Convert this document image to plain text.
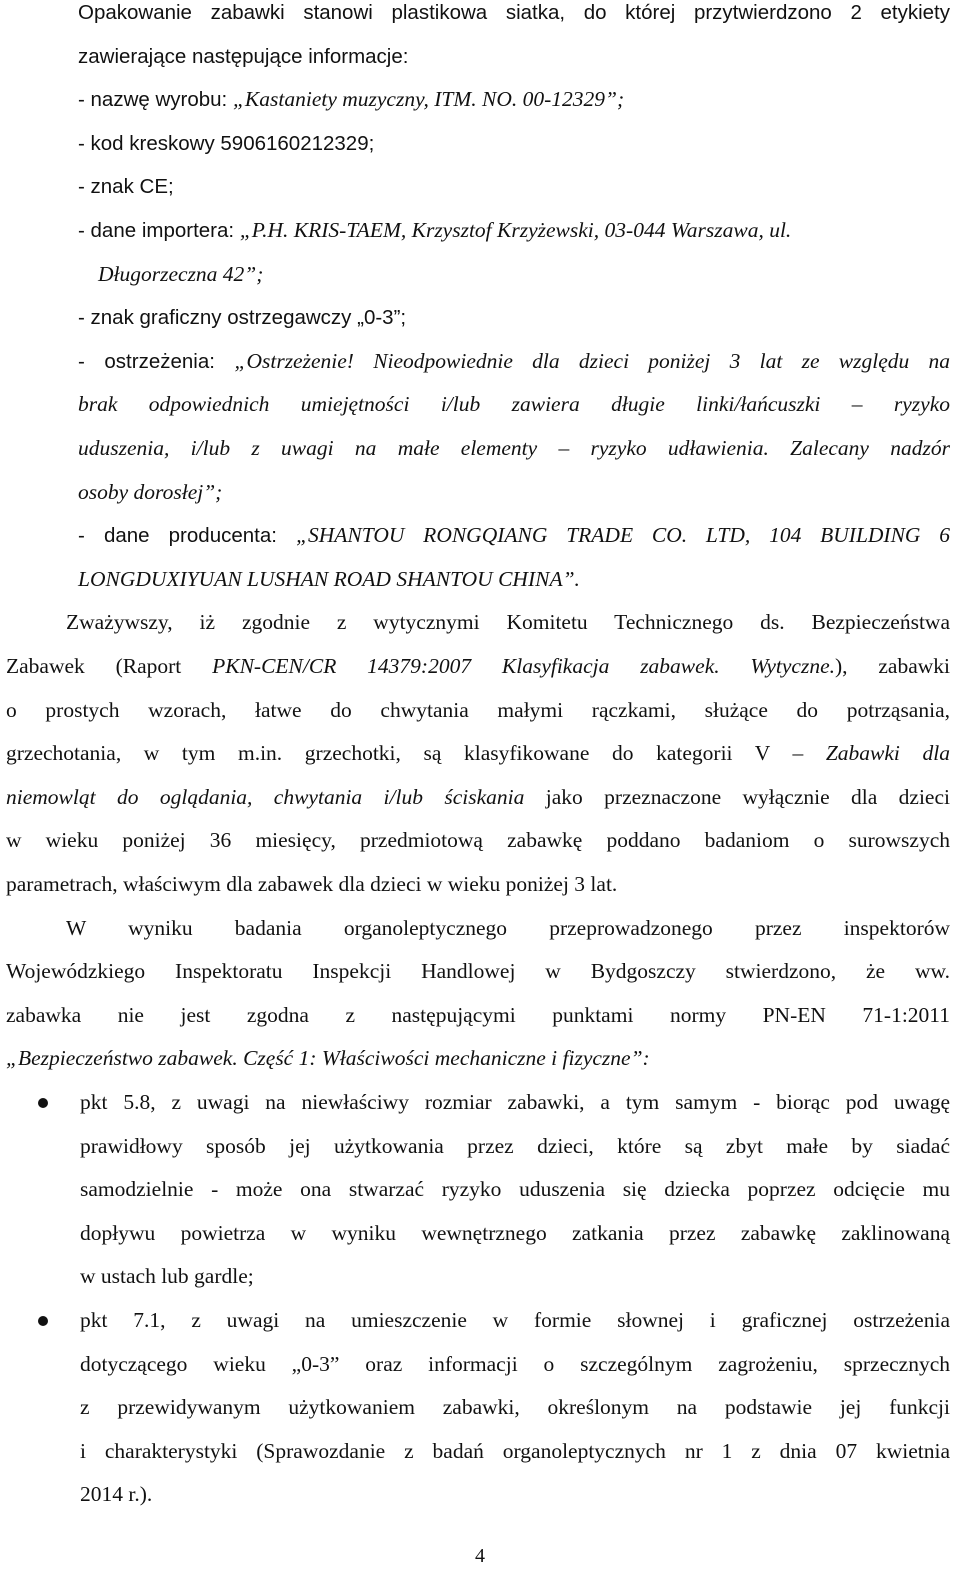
Opakowanie zabawki stanowi plastikowa siatka, do której przytwierdzono 2 etykiety
zawierające następujące informacje:
- nazwę wyrobu: „Kastaniety muzyczny, ITM. NO. 00-12329”;
- kod kreskowy 5906160212329;
- znak CE;
- dane importera: „P.H. KRIS-TAEM, Krzysztof Krzyżewski, 03-044 Warszawa, ul.
Długorzeczna 42”;
- znak graficzny ostrzegawczy „0-3”;
- ostrzeżenia: „Ostrzeżenie! Nieodpowiednie dla dzieci poniżej 3 lat ze względu na
brak odpowiednich umiejętności i/lub zawiera długie linki/łańcuszki – ryzyko
uduszenia, i/lub z uwagi na małe elementy – ryzyko udławienia. Zalecany nadzór
osoby dorosłej”;
- dane producenta: „SHANTOU RONGQIANG TRADE CO. LTD, 104 BUILDING 6
LONGDUXIYUAN LUSHAN ROAD SHANTOU CHINA”.
Zważywszy, iż zgodnie z wytycznymi Komitetu Technicznego ds. Bezpieczeństwa
Zabawek (Raport PKN-CEN/CR 14379:2007 Klasyfikacja zabawek. Wytyczne.), zabawki
o prostych wzorach, łatwe do chwytania małymi rączkami, służące do potrząsania,
grzechotania, w tym m.in. grzechotki, są klasyfikowane do kategorii V – Zabawki dla
niemowląt do oglądania, chwytania i/lub ściskania jako przeznaczone wyłącznie dla dzieci
w wieku poniżej 36 miesięcy, przedmiotową zabawkę poddano badaniom o surowszych
parametrach, właściwym dla zabawek dla dzieci w wieku poniżej 3 lat.
W wyniku badania organoleptycznego przeprowadzonego przez inspektorów
Wojewódzkiego Inspektoratu Inspekcji Handlowej w Bydgoszczy stwierdzono, że ww.
zabawka nie jest zgodna z następującymi punktami normy PN-EN 71-1:2011
„Bezpieczeństwo zabawek. Część 1: Właściwości mechaniczne i fizyczne”:
pkt 5.8, z uwagi na niewłaściwy rozmiar zabawki, a tym samym - biorąc pod uwagę
prawidłowy sposób jej użytkowania przez dzieci, które są zbyt małe by siadać
samodzielnie - może ona stwarzać ryzyko uduszenia się dziecka poprzez odcięcie mu
dopływu powietrza w wyniku wewnętrznego zatkania przez zabawkę zaklinowaną
w ustach lub gardle;
pkt 7.1, z uwagi na umieszczenie w formie słownej i graficznej ostrzeżenia
dotyczącego wieku „0-3” oraz informacji o szczególnym zagrożeniu, sprzecznych
z przewidywanym użytkowaniem zabawki, określonym na podstawie jej funkcji
i charakterystyki (Sprawozdanie z badań organoleptycznych nr 1 z dnia 07 kwietnia
2014 r.).
4
